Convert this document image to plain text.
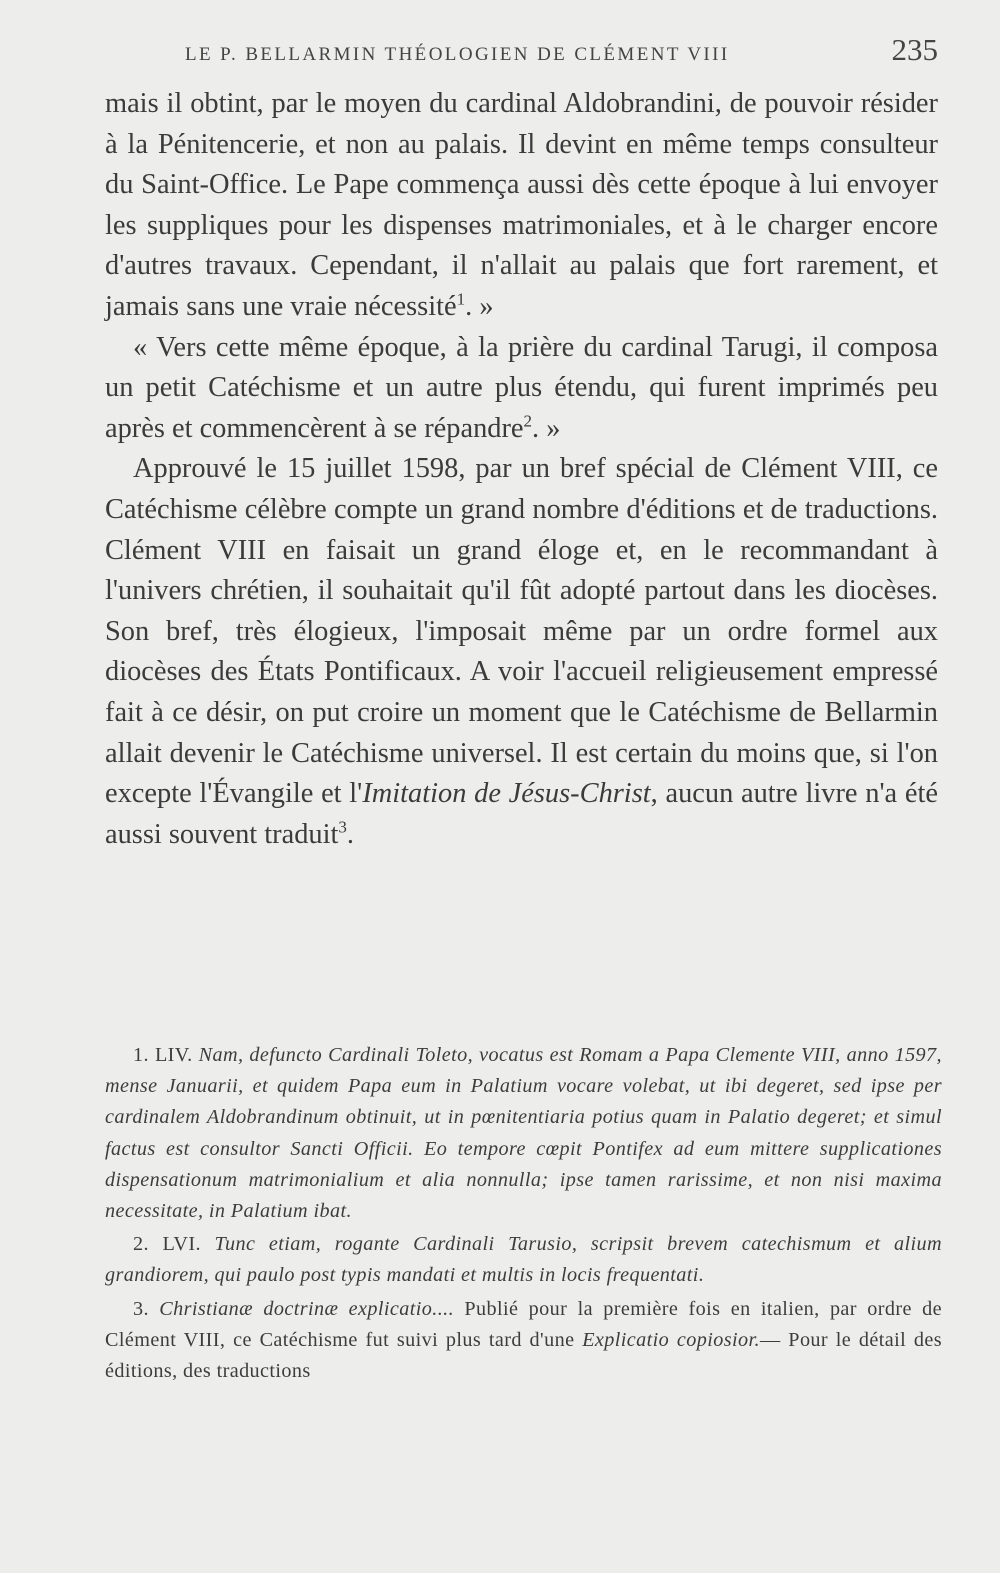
LE P. BELLARMIN THÉOLOGIEN DE CLÉMENT VIII	235

mais il obtint, par le moyen du cardinal Aldobrandini, de pouvoir résider à la Pénitencerie, et non au palais. Il devint en même temps consulteur du Saint-Office. Le Pape commença aussi dès cette époque à lui envoyer les suppliques pour les dispenses matrimoniales, et à le charger encore d'autres travaux. Cependant, il n'allait au palais que fort rarement, et jamais sans une vraie nécessité$^1$. »

« Vers cette même époque, à la prière du cardinal Tarugi, il composa un petit Catéchisme et un autre plus étendu, qui furent imprimés peu après et commencèrent à se répandre$^2$. »

Approuvé le 15 juillet 1598, par un bref spécial de Clément VIII, ce Catéchisme célèbre compte un grand nombre d'éditions et de traductions. Clément VIII en faisait un grand éloge et, en le recommandant à l'univers chrétien, il souhaitait qu'il fût adopté partout dans les diocèses. Son bref, très élogieux, l'imposait même par un ordre formel aux diocèses des États Pontificaux. A voir l'accueil religieusement empressé fait à ce désir, on put croire un moment que le Catéchisme de Bellarmin allait devenir le Catéchisme universel. Il est certain du moins que, si l'on excepte l'Évangile et l'Imitation de Jésus-Christ, aucun autre livre n'a été aussi souvent traduit$^3$.

1. LIV. Nam, defuncto Cardinali Toleto, vocatus est Romam a Papa Clemente VIII, anno 1597, mense Januarii, et quidem Papa eum in Palatium vocare volebat, ut ibi degeret, sed ipse per cardinalem Aldobrandinum obtinuit, ut in pœnitentiaria potius quam in Palatio degeret; et simul factus est consultor Sancti Officii. Eo tempore cœpit Pontifex ad eum mittere supplicationes dispensationum matrimonialium et alia nonnulla; ipse tamen rarissime, et non nisi maxima necessitate, in Palatium ibat.

2. LVI. Tunc etiam, rogante Cardinali Tarusio, scripsit brevem catechismum et alium grandiorem, qui paulo post typis mandati et multis in locis frequentati.

3. Christianæ doctrinæ explicatio.... Publié pour la première fois en italien, par ordre de Clément VIII, ce Catéchisme fut suivi plus tard d'une Explicatio copiosior.— Pour le détail des éditions, des traductions
